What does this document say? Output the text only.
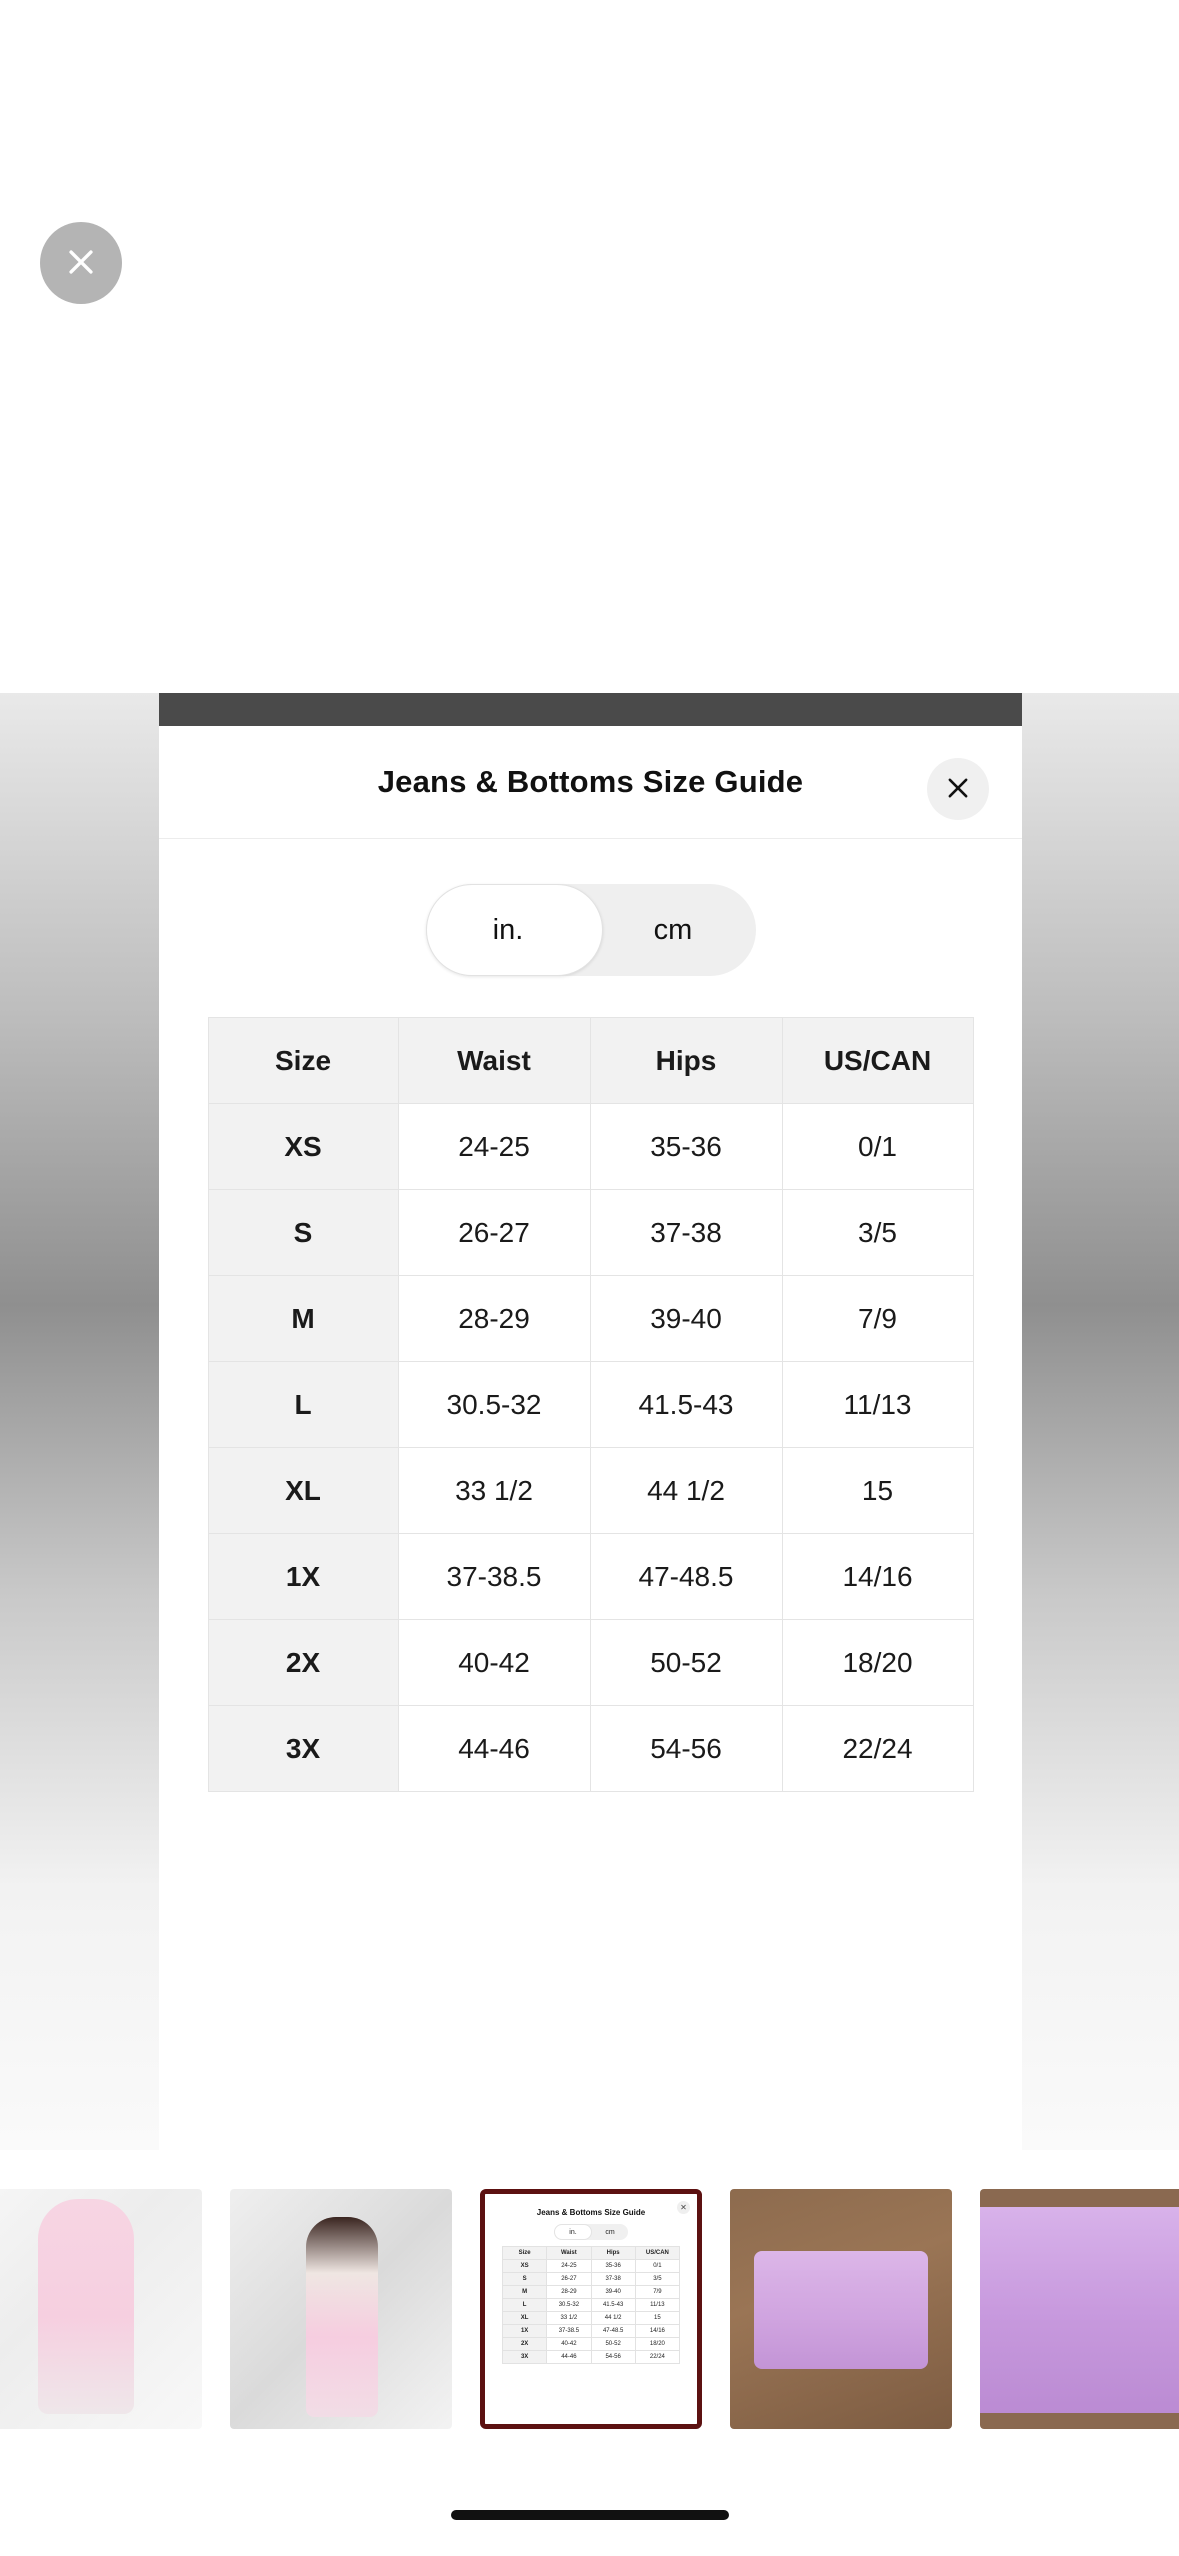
Jeans & Bottoms Size Guide
in.	cm
Size	Waist	Hips	US/CAN
XS	24-25	35-36	0/1
S	26-27	37-38	3/5
M	28-29	39-40	7/9
L	30.5-32	41.5-43	11/13
XL	33 1/2	44 1/2	15
1X	37-38.5	47-48.5	14/16
2X	40-42	50-52	18/20
3X	44-46	54-56	22/24
✕
Jeans & Bottoms Size Guide
in.	cm
Size	Waist	Hips	US/CAN
XS	24-25	35-36	0/1
S	26-27	37-38	3/5
M	28-29	39-40	7/9
L	30.5-32	41.5-43	11/13
XL	33 1/2	44 1/2	15
1X	37-38.5	47-48.5	14/16
2X	40-42	50-52	18/20
3X	44-46	54-56	22/24
